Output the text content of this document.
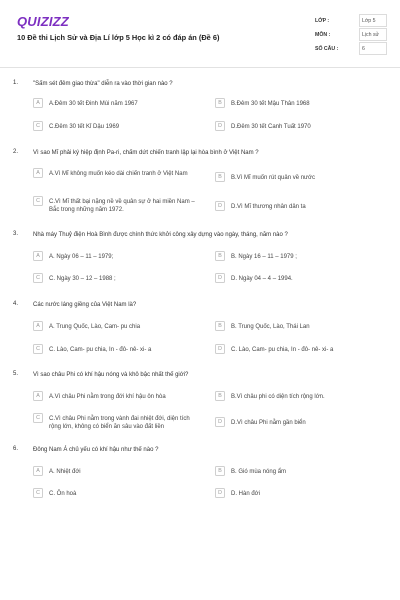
QUIZIZZ
10 Đề thi Lịch Sử và Địa Lí lớp 5 Học kì 2 có đáp án (Đề 6)
LỚP :	Lớp 5
MÔN :	Lịch sử
SỐ CÂU :	6
1. "Sấm sét đêm giao thừa" diễn ra vào thời gian nào ?
A	A.Đêm 30 tết Đinh Mùi năm 1967	B	B.Đêm 30 tết Mậu Thân 1968
C	C.Đêm 30 tết Kỉ Dậu 1969	D	D.Đêm 30 tết Canh Tuất 1970
2. Vì sao Mĩ phải ký hiệp định Pa-ri, chấm dứt chiến tranh lập lại hòa bình ở Việt Nam ?
A	A.Vì Mĩ không muốn kéo dài chiến tranh ở Việt Nam
B	B.Vì Mĩ muốn rút quân về nước
C	C.Vì Mĩ thất bại nặng nề về quân sự ở hai miền Nam – Bắc trong những năm 1972.
D	D.Vì Mĩ thương nhân dân ta
3. Nhà máy Thuỷ điện Hoà Bình được chính thức khởi công xây dựng vào ngày, tháng, năm nào ?
A	A. Ngày 06 – 11 – 1979;	B	B. Ngày 16 – 11 – 1979 ;
C	C. Ngày 30 – 12 – 1988 ;	D	D. Ngày 04 – 4 – 1994.
4. Các nước láng giềng của Việt Nam là?
A	A. Trung Quốc, Lào, Cam- pu chia	B	B. Trung Quốc, Lào, Thái Lan
C	C. Lào, Cam- pu chia, In - đô- nê- xi- a	D	C. Lào, Cam- pu chia, In - đô- nê- xi- a
5. Vì sao châu Phi có khí hậu nóng và khô bậc nhất thế giới?
A	A.Vì châu Phi nằm trong đới khí hậu ôn hòa	B	B.Vì châu phi có diện tích rộng lớn.
C	C.Vì châu Phi nằm trong vành đai nhiệt đới, diện tích rộng lớn, không có biển ăn sâu vào đất liền
D	D.Vì châu Phi nằm gần biển
6. Đông Nam Á chủ yếu có khí hậu như thế nào ?
A	A. Nhiệt đới	B	B. Gió mùa nóng ẩm
C	C. Ôn hoà	D	D. Hàn đới
